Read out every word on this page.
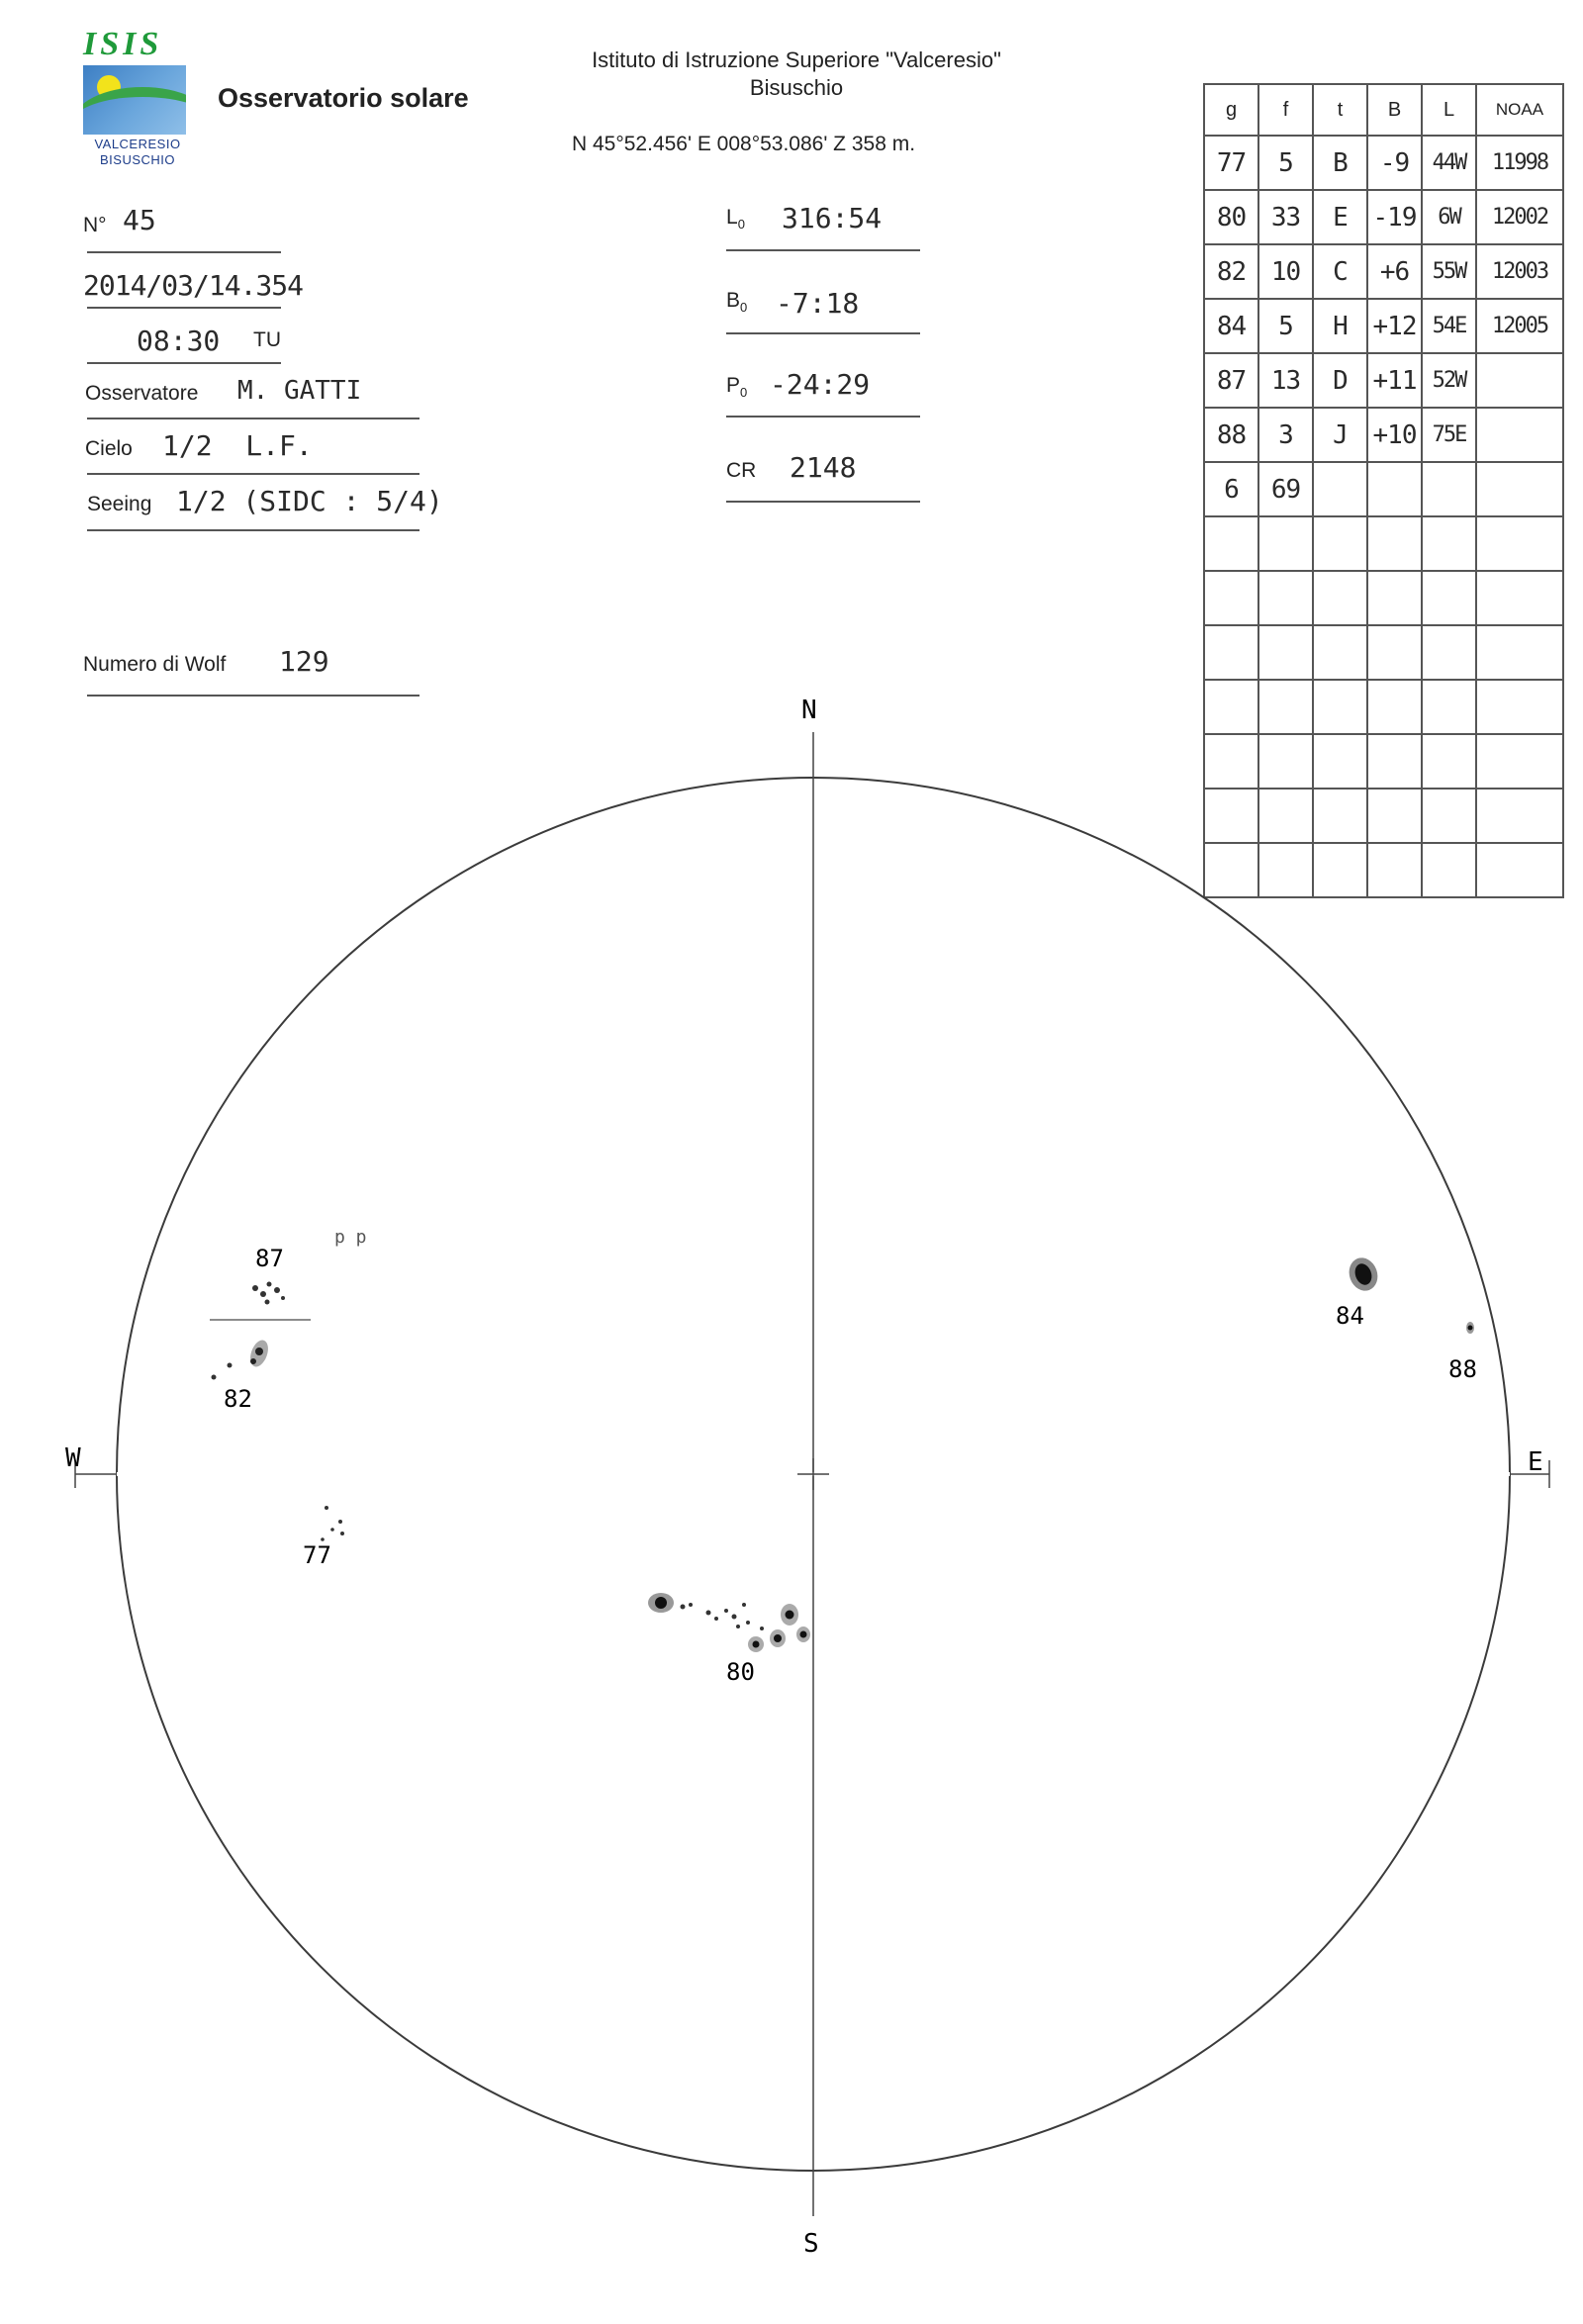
ISIS
VALCERESIO
BISUSCHIO
Osservatorio solare
Istituto di Istruzione Superiore "Valceresio"
Bisuschio
N 45°52.456' E 008°53.086' Z 358 m.
N° 45
2014/03/14.354
08:30 TU
Osservatore M. GATTI
Cielo 1/2  L.F.
Seeing 1/2 (SIDC : 5/4)
Numero di Wolf 129
$L_0$ 316:54
$B_0$ -7:18
$P_0$ -24:29
CR 2148
g	f	t	B	L	NOAA
77	5	B	-9	44W	11998
80	33	E	-19	6W	12002
82	10	C	+6	55W	12003
84	5	H	+12	54E	12005
87	13	D	+11	52W	
88	3	J	+10	75E	
6	69				

N
S
W	E
87
p p
82
77
80
84
88
